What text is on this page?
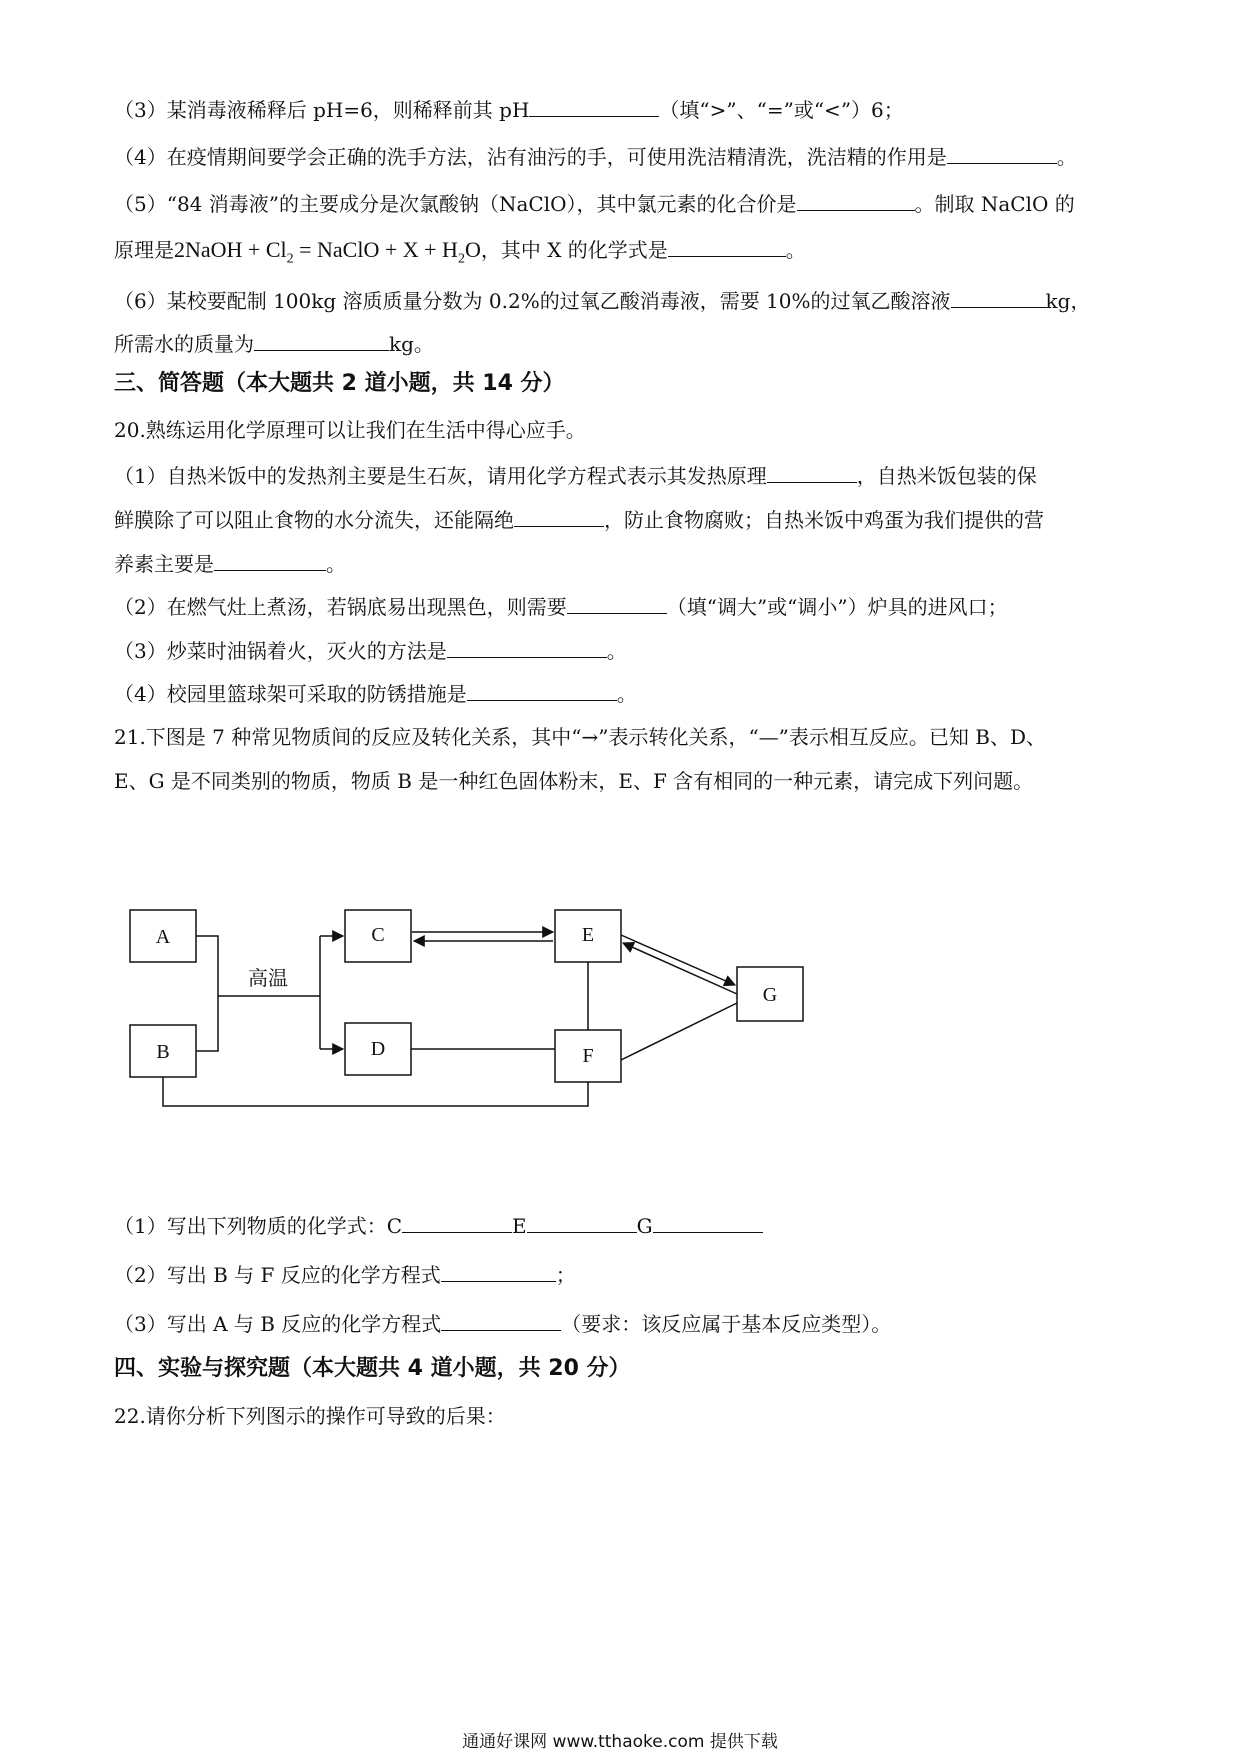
（3）某消毒液稀释后 pH=6，则稀释前其 pH	（填“>”、“=”或“<”）6；
（4）在疫情期间要学会正确的洗手方法，沾有油污的手，可使用洗洁精清洗，洗洁精的作用是	。
（5）“84 消毒液”的主要成分是次氯酸钠（NaClO），其中氯元素的化合价是	。制取 NaClO 的
原理是2NaOH + $Cl_2$ = NaClO + $X + H_2O$，其中 X 的化学式是	。
（6）某校要配制 100kg 溶质质量分数为 0.2%的过氧乙酸消毒液，需要 10%的过氧乙酸溶液	kg，
所需水的质量为	kg。
三、简答题（本大题共 2 道小题，共 14 分）
20.熟练运用化学原理可以让我们在生活中得心应手。
（1）自热米饭中的发热剂主要是生石灰，请用化学方程式表示其发热原理	，自热米饭包装的保
鲜膜除了可以阻止食物的水分流失，还能隔绝	，防止食物腐败；自热米饭中鸡蛋为我们提供的营
养素主要是	。
（2）在燃气灶上煮汤，若锅底易出现黑色，则需要	（填“调大”或“调小”）炉具的进风口；
（3）炒菜时油锅着火，灭火的方法是	。
（4）校园里篮球架可采取的防锈措施是	。
21.下图是 7 种常见物质间的反应及转化关系，其中“→”表示转化关系，“—”表示相互反应。已知 B、D、
E、G 是不同类别的物质，物质 B 是一种红色固体粉末，E、F 含有相同的一种元素，请完成下列问题。
A
B
C
D
E
F
G
高温
（1）写出下列物质的化学式：C	E	G
（2）写出 B 与 F 反应的化学方程式	；
（3）写出 A 与 B 反应的化学方程式	（要求：该反应属于基本反应类型）。
四、实验与探究题（本大题共 4 道小题，共 20 分）
22.请你分析下列图示的操作可导致的后果：
通通好课网 www.tthaoke.com 提供下载
